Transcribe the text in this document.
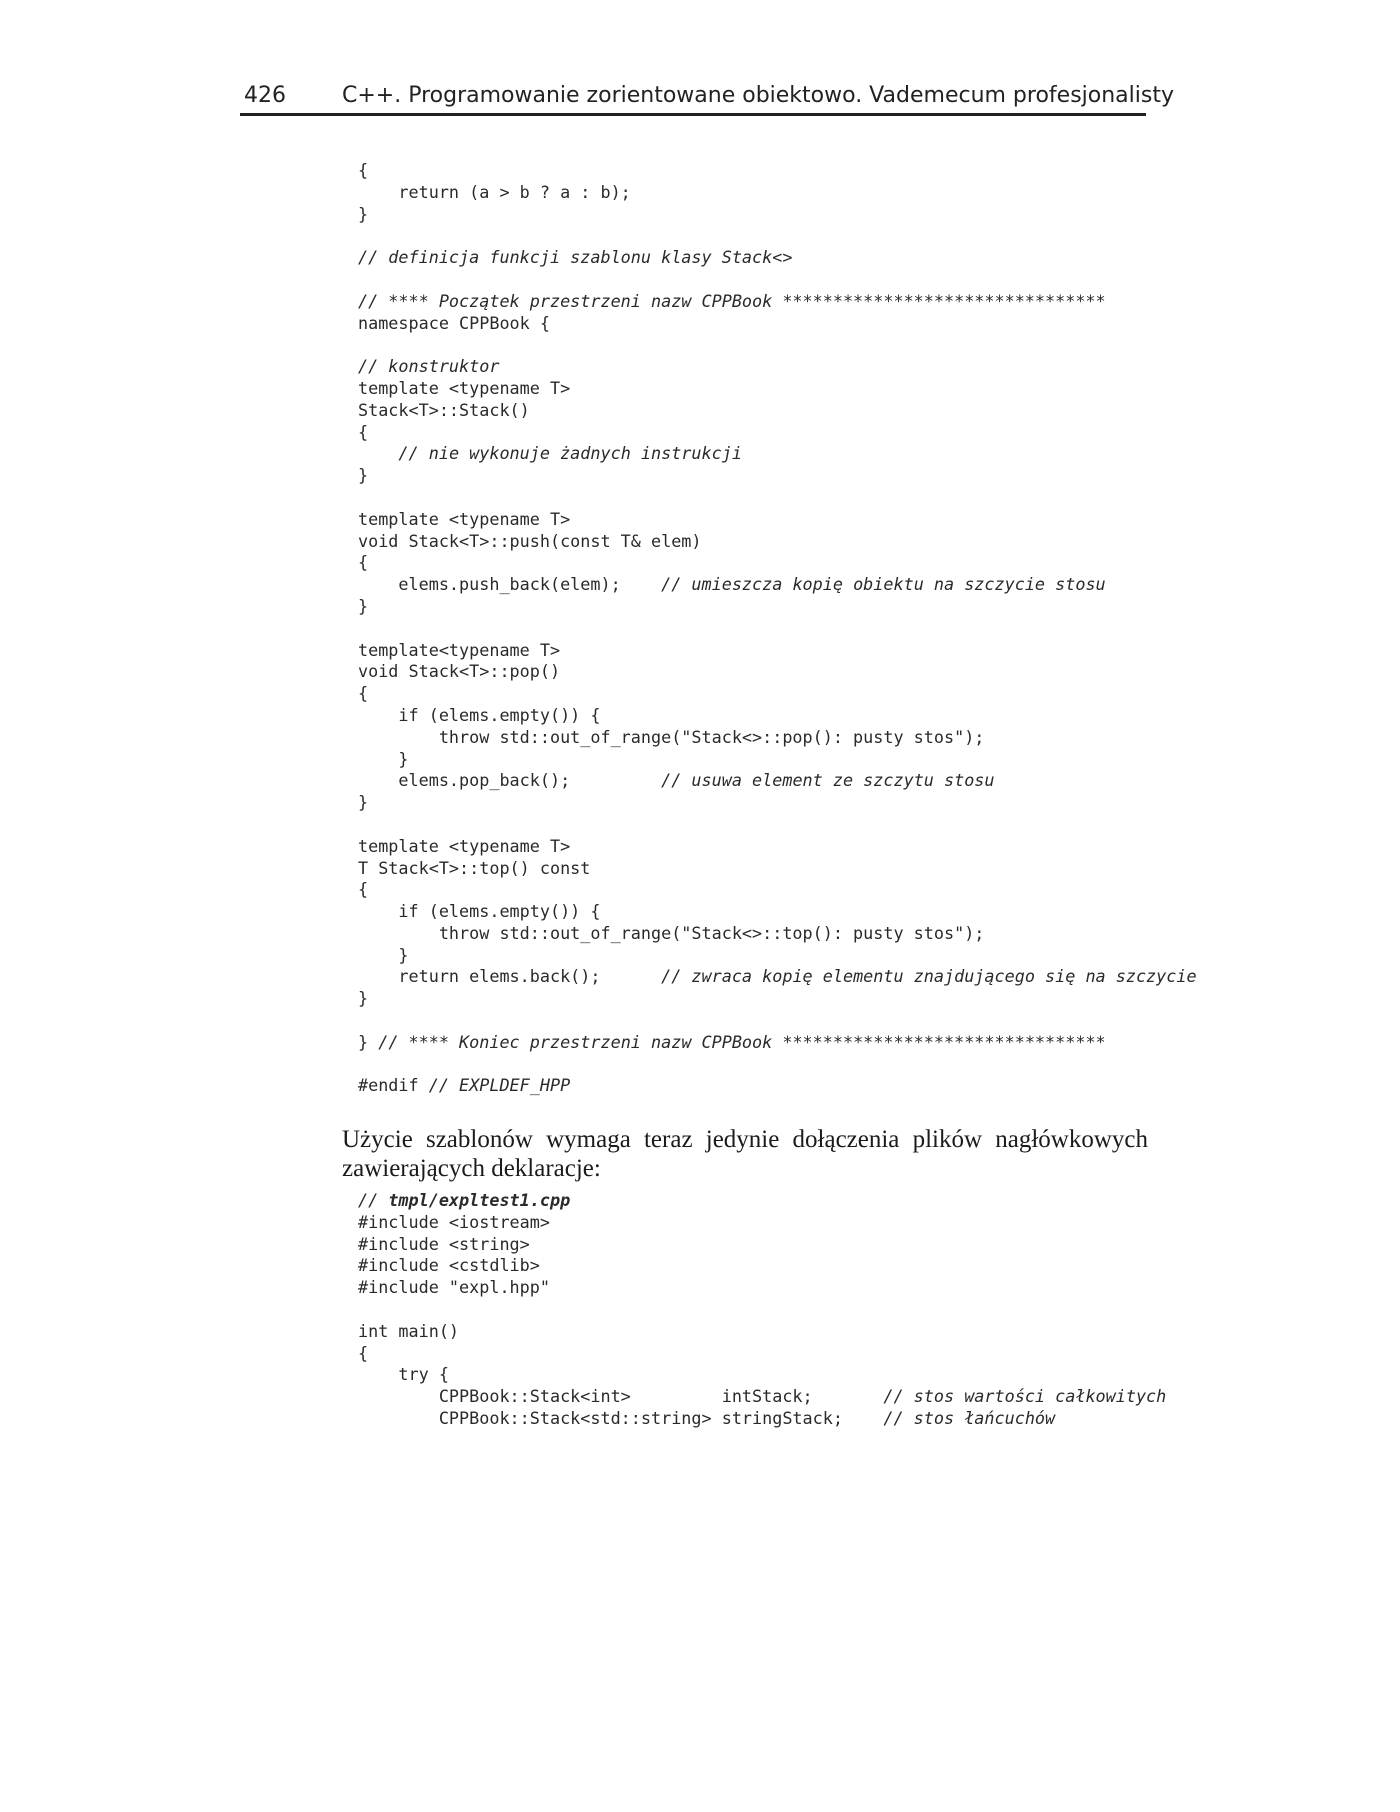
426	C++. Programowanie zorientowane obiektowo. Vademecum profesjonalisty
{
return (a > b ? a : b);
}
// definicja funkcji szablonu klasy Stack<>
// **** Początek przestrzeni nazw CPPBook ********************************
namespace CPPBook {
// konstruktor
template <typename T>
Stack<T>::Stack()
{
// nie wykonuje żadnych instrukcji
}
template <typename T>
void Stack<T>::push(const T& elem)
{
elems.push_back(elem);    // umieszcza kopię obiektu na szczycie stosu
}
template<typename T>
void Stack<T>::pop()
{
if (elems.empty()) {
throw std::out_of_range("Stack<>::pop(): pusty stos");
}
elems.pop_back();         // usuwa element ze szczytu stosu
}
template <typename T>
T Stack<T>::top() const
{
if (elems.empty()) {
throw std::out_of_range("Stack<>::top(): pusty stos");
}
return elems.back();      // zwraca kopię elementu znajdującego się na szczycie
}
} // **** Koniec przestrzeni nazw CPPBook ********************************
#endif // EXPLDEF_HPP

Użycie szablonów wymaga teraz jedynie dołączenia plików nagłówkowych zawierających deklaracje:

// tmpl/expltest1.cpp
#include <iostream>
#include <string>
#include <cstdlib>
#include "expl.hpp"
int main()
{
try {
CPPBook::Stack<int>         intStack;       // stos wartości całkowitych
CPPBook::Stack<std::string> stringStack;    // stos łańcuchów
